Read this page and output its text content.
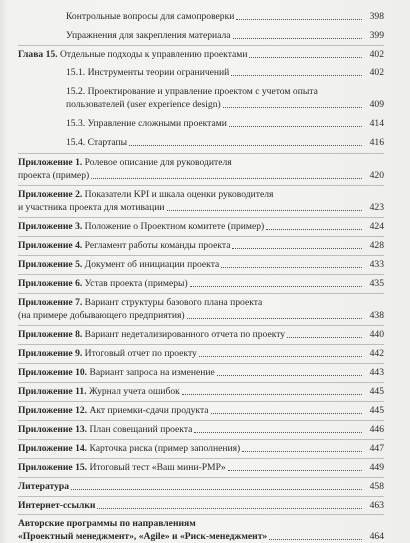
Контрольные вопросы для самопроверки	398
Упражнения для закрепления материала	399
Глава 15. Отдельные подходы к управлению проектами	402
15.1. Инструменты теории ограничений	402
15.2. Проектирование и управление проектом с учетом опыта
пользователей (user experience design)	409
15.3. Управление сложными проектами	414
15.4. Стартапы	416
Приложение 1. Ролевое описание для руководителя
проекта (пример)	420
Приложение 2. Показатели KPI и шкала оценки руководителя
и участника проекта для мотивации	423
Приложение 3. Положение о Проектном комитете (пример)	424
Приложение 4. Регламент работы команды проекта	428
Приложение 5. Документ об инициации проекта	433
Приложение 6. Устав проекта (примеры)	435
Приложение 7. Вариант структуры базового плана проекта
(на примере добывающего предприятия)	438
Приложение 8. Вариант недетализированного отчета по проекту	440
Приложение 9. Итоговый отчет по проекту	442
Приложение 10. Вариант запроса на изменение	443
Приложение 11. Журнал учета ошибок	445
Приложение 12. Акт приемки-сдачи продукта	445
Приложение 13. План совещаний проекта	446
Приложение 14. Карточка риска (пример заполнения)	447
Приложение 15. Итоговый тест «Ваш мини-PMP»	449
Литература	458
Интернет-ссылки	463
Авторские программы по направлениям
«Проектный менеджмент», «Agile» и «Риск-менеджмент»	464
